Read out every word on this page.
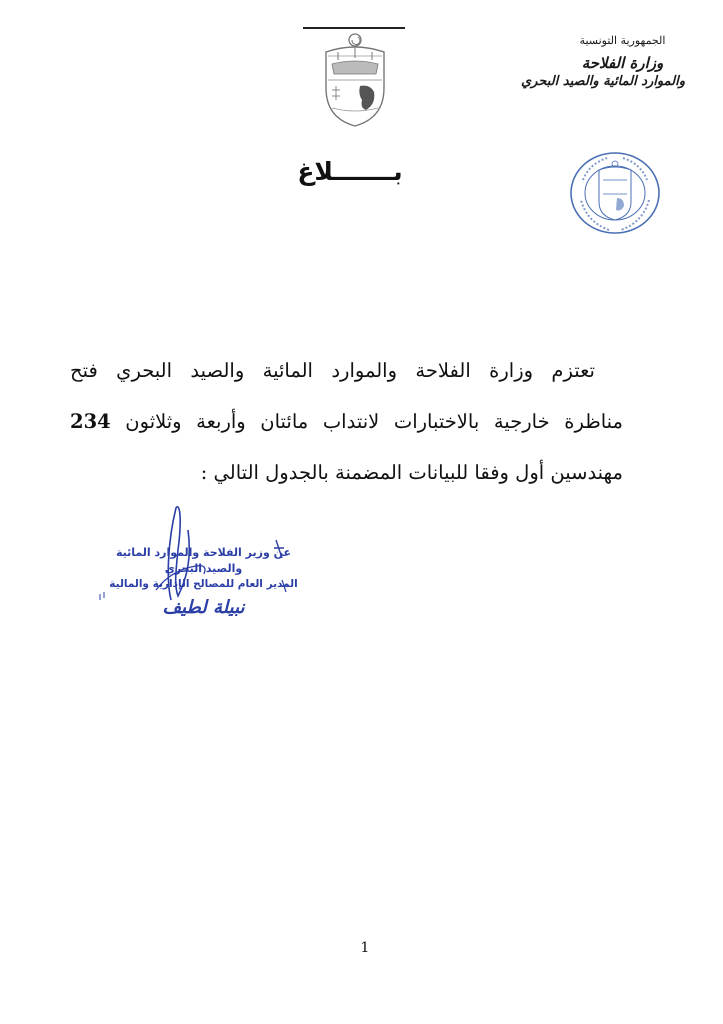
الجمهورية التونسية
وزارة الفلاحة
والموارد المائية والصيد البحري
بـــــــلاغ
تعتزم وزارة الفلاحة والموارد المائية والصيد البحري فتح
مناظرة خارجية بالاختبارات لانتداب مائتان وأربعة وثلاثون 234
مهندسين أول وفقا للبيانات المضمنة بالجدول التالي :
عن وزير الفلاحة والموارد المائية
والصيد البحري
المدير العام للمصالح الإدارية والمالية
نبيلة لطيف
1
